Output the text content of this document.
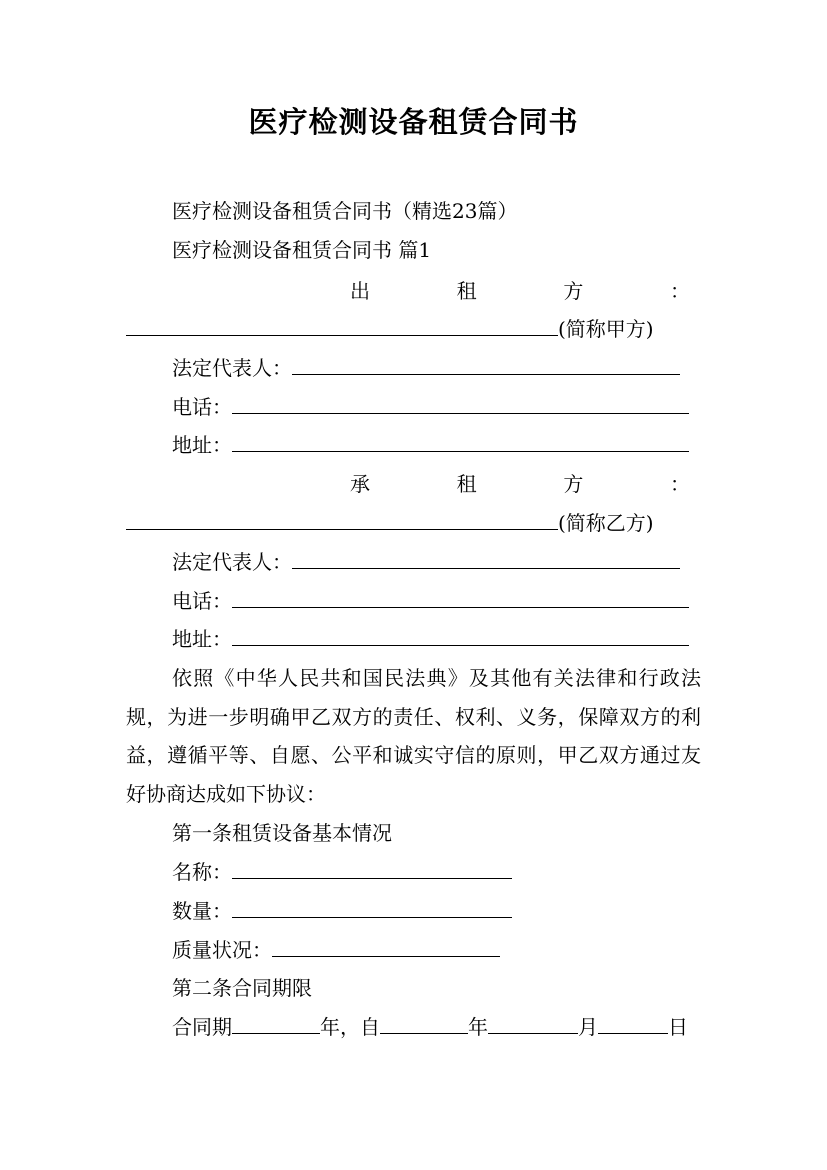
医疗检测设备租赁合同书
医疗检测设备租赁合同书（精选23篇）
医疗检测设备租赁合同书 篇1
出	租	方	：
(简称甲方)
法定代表人：
电话：
地址：
承	租	方	：
(简称乙方)
法定代表人：
电话：
地址：
依照《中华人民共和国民法典》及其他有关法律和行政法规，为进一步明确甲乙双方的责任、权利、义务，保障双方的利益，遵循平等、自愿、公平和诚实守信的原则，甲乙双方通过友好协商达成如下协议：
第一条租赁设备基本情况
名称：
数量：
质量状况：
第二条合同期限
合同期	年，自	年	月	日
